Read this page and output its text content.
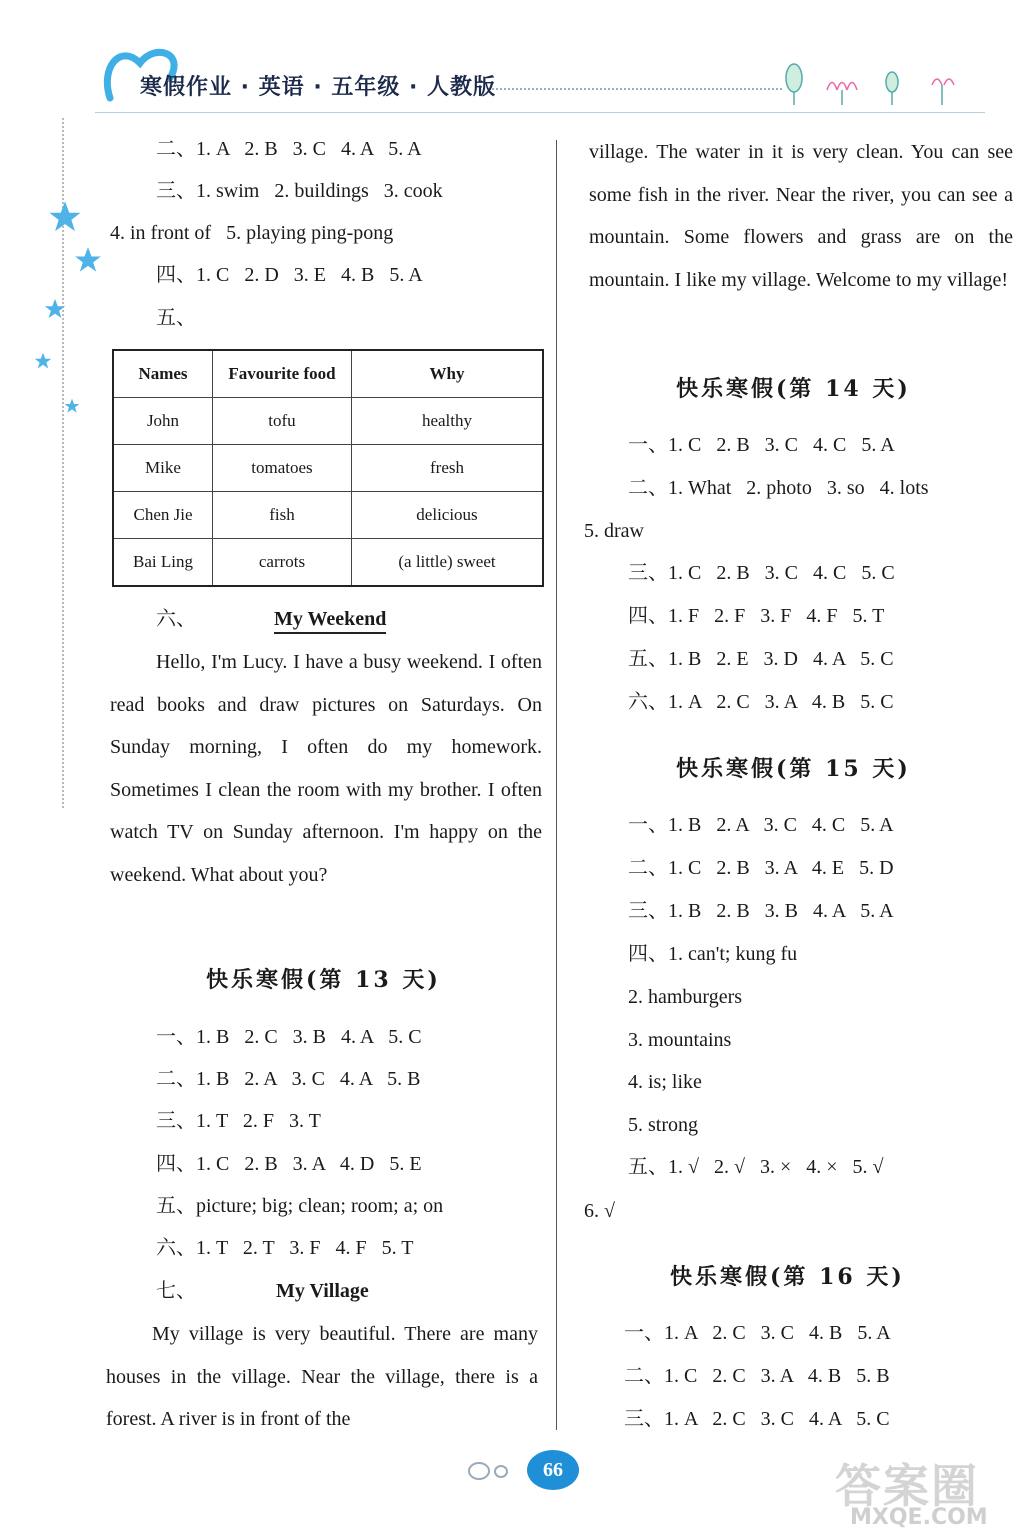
寒假作业 · 英语 · 五年级 · 人教版
二、1. A   2. B   3. C   4. A   5. A
三、1. swim   2. buildings   3. cook
4. in front of   5. playing ping-pong
四、1. C   2. D   3. E   4. B   5. A
五、
Names	Favourite food	Why
John	tofu	healthy
Mike	tomatoes	fresh
Chen Jie	fish	delicious
Bai Ling	carrots	(a little) sweet
六、	My Weekend
Hello, I'm Lucy. I have a busy weekend. I often read books and draw pictures on Saturdays. On Sunday morning, I often do my homework. Sometimes I clean the room with my brother. I often watch TV on Sunday afternoon. I'm happy on the weekend. What about you?
快乐寒假(第 13 天)
一、1. B   2. C   3. B   4. A   5. C
二、1. B   2. A   3. C   4. A   5. B
三、1. T   2. F   3. T
四、1. C   2. B   3. A   4. D   5. E
五、picture; big; clean; room; a; on
六、1. T   2. T   3. F   4. F   5. T
七、	My Village
My village is very beautiful. There are many houses in the village. Near the village, there is a forest. A river is in front of the
village. The water in it is very clean. You can see some fish in the river. Near the river, you can see a mountain. Some flowers and grass are on the mountain. I like my village. Welcome to my village!
快乐寒假(第 14 天)
一、1. C   2. B   3. C   4. C   5. A
二、1. What   2. photo   3. so   4. lots
5. draw
三、1. C   2. B   3. C   4. C   5. C
四、1. F   2. F   3. F   4. F   5. T
五、1. B   2. E   3. D   4. A   5. C
六、1. A   2. C   3. A   4. B   5. C
快乐寒假(第 15 天)
一、1. B   2. A   3. C   4. C   5. A
二、1. C   2. B   3. A   4. E   5. D
三、1. B   2. B   3. B   4. A   5. A
四、1. can't; kung fu
2. hamburgers
3. mountains
4. is; like
5. strong
五、1. √   2. √   3. ×   4. ×   5. √
6. √
快乐寒假(第 16 天)
一、1. A   2. C   3. C   4. B   5. A
二、1. C   2. C   3. A   4. B   5. B
三、1. A   2. C   3. C   4. A   5. C
66	答案圈
MXQE.COM
